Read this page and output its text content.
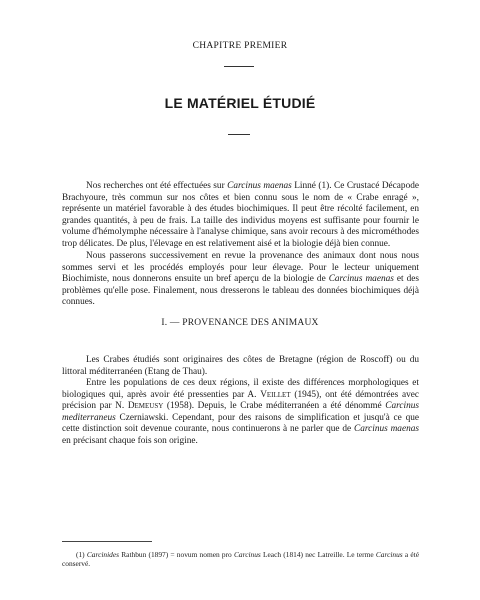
CHAPITRE PREMIER
LE MATÉRIEL ÉTUDIÉ

Nos recherches ont été effectuées sur Carcinus maenas Linné (1). Ce Crustacé Décapode Brachyoure, très commun sur nos côtes et bien connu sous le nom de « Crabe enragé », représente un matériel favorable à des études biochimiques. Il peut être récolté facilement, en grandes quantités, à peu de frais. La taille des individus moyens est suffisante pour fournir le volume d'hémolymphe nécessaire à l'analyse chimique, sans avoir recours à des microméthodes trop délicates. De plus, l'élevage en est relativement aisé et la biologie déjà bien connue.

Nous passerons successivement en revue la provenance des animaux dont nous nous sommes servi et les procédés employés pour leur élevage. Pour le lecteur uniquement Biochimiste, nous donnerons ensuite un bref aperçu de la biologie de Carcinus maenas et des problèmes qu'elle pose. Finalement, nous dresserons le tableau des données biochimiques déjà connues.

I. — PROVENANCE DES ANIMAUX

Les Crabes étudiés sont originaires des côtes de Bretagne (région de Roscoff) ou du littoral méditerranéen (Etang de Thau).

Entre les populations de ces deux régions, il existe des différences morphologiques et biologiques qui, après avoir été pressenties par A. Veillet (1945), ont été démontrées avec précision par N. Demeusy (1958). Depuis, le Crabe méditerranéen a été dénommé Carcinus mediterraneus Czerniawski. Cependant, pour des raisons de simplification et jusqu'à ce que cette distinction soit devenue courante, nous continuerons à ne parler que de Carcinus maenas en précisant chaque fois son origine.

(1) Carcinides Rathbun (1897) = novum nomen pro Carcinus Leach (1814) nec Latreille. Le terme Carcinus a été conservé.
